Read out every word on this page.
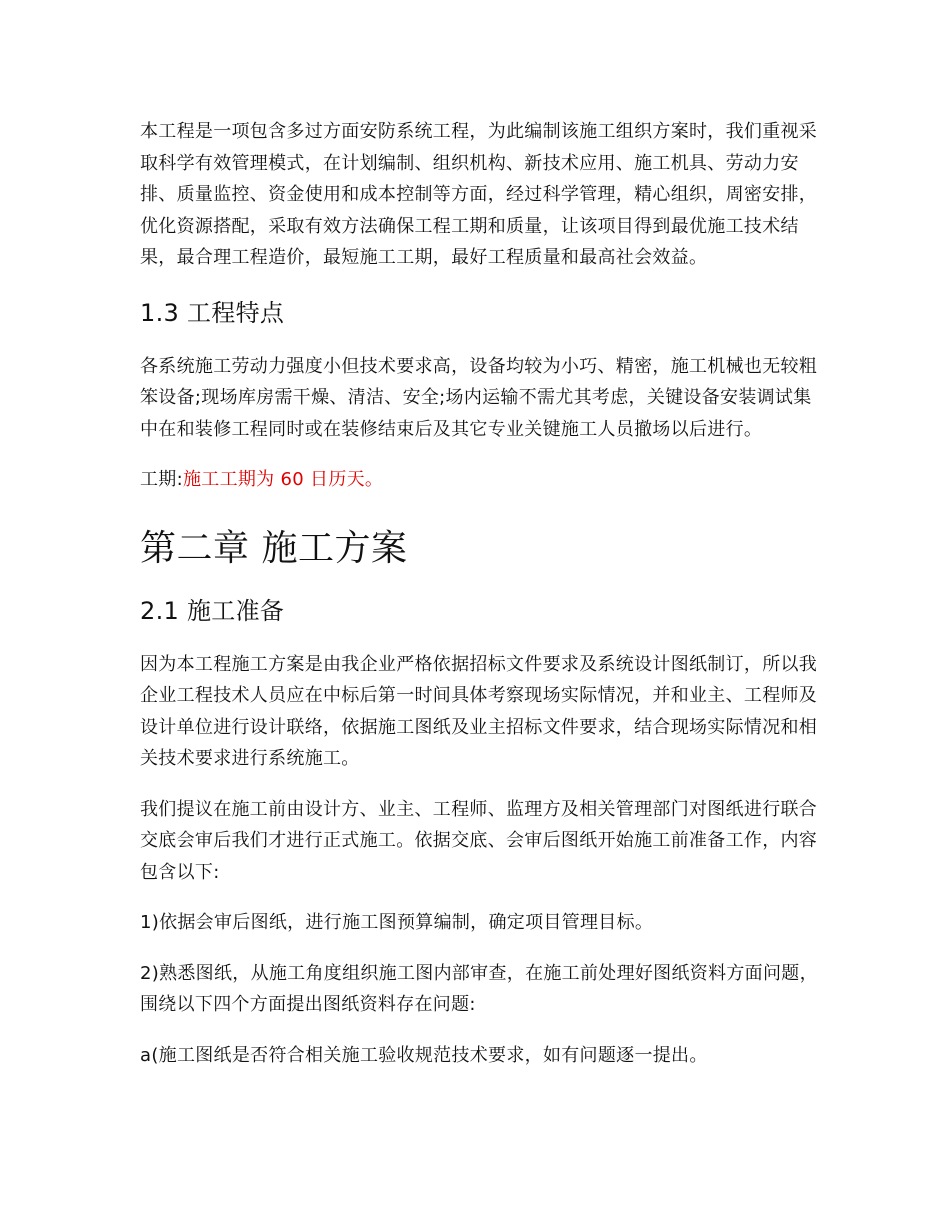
本工程是一项包含多过方面安防系统工程，为此编制该施工组织方案时，我们重视采取科学有效管理模式，在计划编制、组织机构、新技术应用、施工机具、劳动力安排、质量监控、资金使用和成本控制等方面，经过科学管理，精心组织，周密安排，优化资源搭配，采取有效方法确保工程工期和质量，让该项目得到最优施工技术结果，最合理工程造价，最短施工工期，最好工程质量和最高社会效益。

1.3 工程特点

各系统施工劳动力强度小但技术要求高，设备均较为小巧、精密，施工机械也无较粗笨设备;现场库房需干燥、清洁、安全;场内运输不需尤其考虑，关键设备安装调试集中在和装修工程同时或在装修结束后及其它专业关键施工人员撤场以后进行。

工期:施工工期为 60 日历天。

第二章 施工方案
2.1 施工准备

因为本工程施工方案是由我企业严格依据招标文件要求及系统设计图纸制订，所以我企业工程技术人员应在中标后第一时间具体考察现场实际情况，并和业主、工程师及设计单位进行设计联络，依据施工图纸及业主招标文件要求，结合现场实际情况和相关技术要求进行系统施工。

我们提议在施工前由设计方、业主、工程师、监理方及相关管理部门对图纸进行联合交底会审后我们才进行正式施工。依据交底、会审后图纸开始施工前准备工作，内容包含以下:

1)依据会审后图纸，进行施工图预算编制，确定项目管理目标。

2)熟悉图纸，从施工角度组织施工图内部审查，在施工前处理好图纸资料方面问题，围绕以下四个方面提出图纸资料存在问题:

a(施工图纸是否符合相关施工验收规范技术要求，如有问题逐一提出。
